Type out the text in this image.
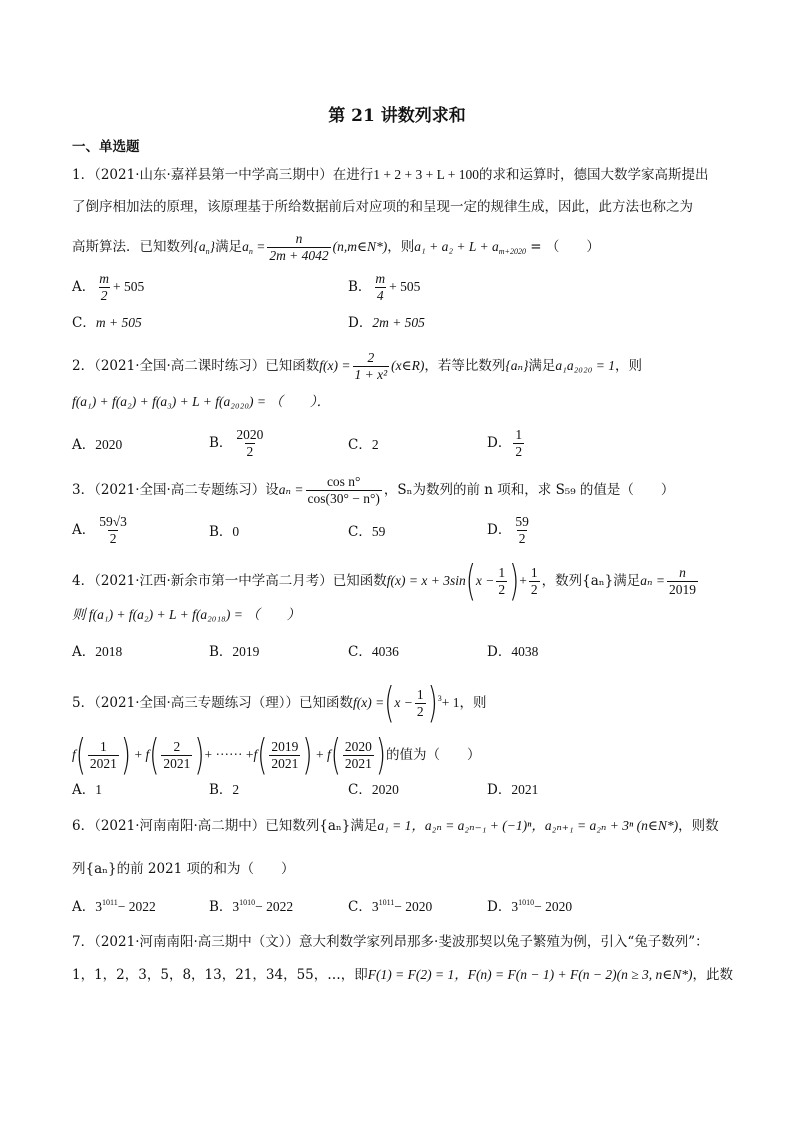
第 21 讲数列求和
一、单选题
1．（2021·山东·嘉祥县第一中学高三期中）在进行1 + 2 + 3 + L + 100的求和运算时，德国大数学家高斯提出
了倒序相加法的原理，该原理基于所给数据前后对应项的和呈现一定的规律生成，因此，此方法也称之为
高斯算法．已知数列$\{a_n\}$满足$a_n = \frac{n}{2m + 4042}$ (n,m∈N*)，则$a_1 + a_2 + L + a_{m+2020}$ = （　　）
A． $\frac{m}{2} + 505$	B． $\frac{m}{4} + 505$
C．m + 505	D．2m + 505
2．（2021·全国·高二课时练习）已知函数$f(x) = \frac{2}{\text{1 + x²}}$ (x∈R)，若等比数列{aₙ}满足a₁a₂₀₂₀ = 1，则
f(a₁) + f(a₂) + f(a₃) + L + f(a₂₀₂₀) = （　　）．
A．2020	B． $\frac{2020}{2}$	C．2	D． $\frac{1}{2}$
3．（2021·全国·高二专题练习）设$a_n = \frac{\text{cos n°}}{\cos(30^\circ - n^\circ)}$ ，Sₙ为数列的前 n 项和，求 S₅₉ 的值是（　　）
A． $\frac{59√3}{2}$	B．0	C．59	D． $\frac{59}{2}$
4．（2021·江西·新余市第一中学高二月考）已知函数$f(x) = x + 3\sin(x - \frac{1}{2}$ )+ $\frac{1}{2}$ ，数列{aₙ}满足$a_n = \frac{n}{2019}$
则 f(a₁) + f(a₂) + L + f(a₂₀₁₈) = （　　）
A．2018	B．2019	C．4036	D．4038
5．（2021·全国·高三专题练习（理））已知函数$f(x) =(x - \frac{1}{2} )^3+ 1$，则
$f( \frac{1}{2021}$ ) + $f( \frac{2}{2021}$ )+ ······ $+f( \frac{2019}{2021}$ ) + $f( \frac{2020}{2021}$ )的值为（　　）
A．1	B．2	C．2020	D．2021
6．（2021·河南南阳·高二期中）已知数列{aₙ}满足a₁ = 1，a₂ₙ = a₂ₙ₋₁ + (−1)ⁿ，a₂ₙ₊₁ = a₂ₙ + 3ⁿ (n∈N*)，则数
列{aₙ}的前 2021 项的和为（　　）
A．$3^{1011}- 2022$	B．$3^{1010}- 2022$	C．$3^{1011}- 2020$	D．$3^{1010}- 2020$
7．（2021·河南南阳·高三期中（文））意大利数学家列昂那多·斐波那契以兔子繁殖为例，引入“兔子数列”：
1，1，2，3，5，8，13，21，34，55，…，即F(1) = F(2) = 1，F(n) = F(n − 1) + F(n − 2)(n ≥ 3, n∈N*)，此数
